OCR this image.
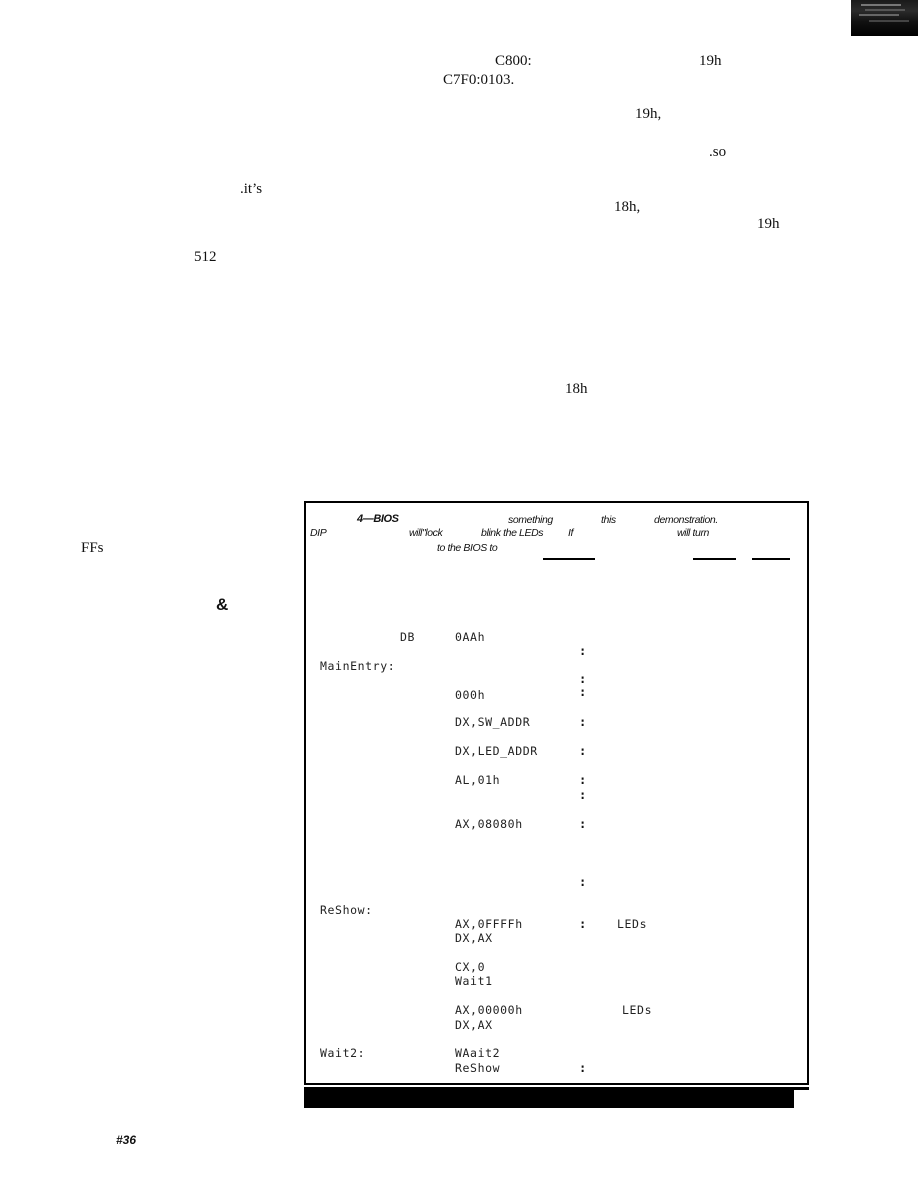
C800:	19h
C7F0:0103.
19h,
.so
.it’s
18h,
19h
512
18h
FFs
&
4—BIOS	something	this	demonstration.
DIP	will"lock	blink the LEDs If	will turn
to the BIOS to
DB	0AAh
:
MainEntry:
:
:
000h
DX,SW_ADDR	:
DX,LED_ADDR	:
AL,01h	:
:
AX,08080h	:
:
ReShow:
AX,0FFFFh	:	LEDs
DX,AX
CX,0
Wait1
AX,00000h	LEDs
DX,AX
Wait2:	WAait2
ReShow	:
#36
